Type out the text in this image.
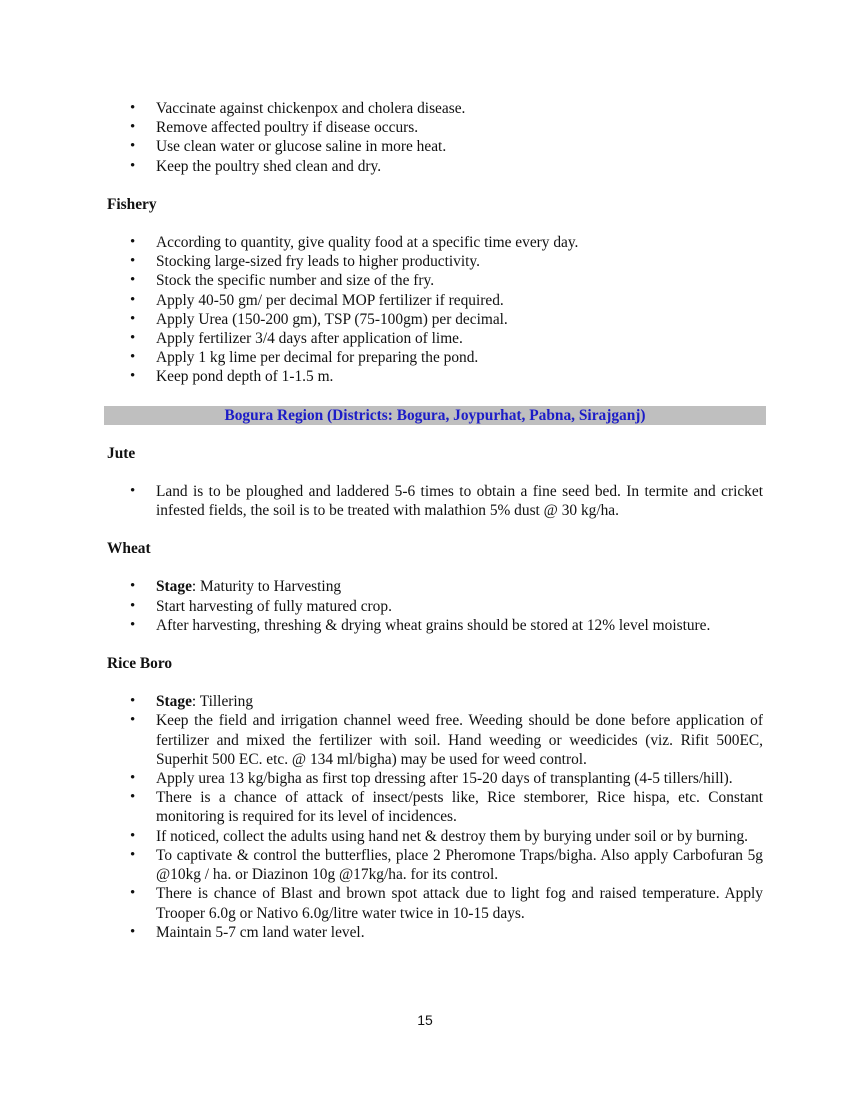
• Vaccinate against chickenpox and cholera disease.
• Remove affected poultry if disease occurs.
• Use clean water or glucose saline in more heat.
• Keep the poultry shed clean and dry.
Fishery
• According to quantity, give quality food at a specific time every day.
• Stocking large-sized fry leads to higher productivity.
• Stock the specific number and size of the fry.
• Apply 40-50 gm/ per decimal MOP fertilizer if required.
• Apply Urea (150-200 gm), TSP (75-100gm) per decimal.
• Apply fertilizer 3/4 days after application of lime.
• Apply 1 kg lime per decimal for preparing the pond.
• Keep pond depth of 1-1.5 m.
Bogura Region (Districts: Bogura, Joypurhat, Pabna, Sirajganj)
Jute
• Land is to be ploughed and laddered 5-6 times to obtain a fine seed bed. In termite and cricket infested fields, the soil is to be treated with malathion 5% dust @ 30 kg/ha.
Wheat
• Stage: Maturity to Harvesting
• Start harvesting of fully matured crop.
• After harvesting, threshing & drying wheat grains should be stored at 12% level moisture.
Rice Boro
• Stage: Tillering
• Keep the field and irrigation channel weed free. Weeding should be done before application of fertilizer and mixed the fertilizer with soil. Hand weeding or weedicides (viz. Rifit 500EC, Superhit 500 EC. etc. @ 134 ml/bigha) may be used for weed control.
• Apply urea 13 kg/bigha as first top dressing after 15-20 days of transplanting (4-5 tillers/hill).
• There is a chance of attack of insect/pests like, Rice stemborer, Rice hispa, etc. Constant monitoring is required for its level of incidences.
• If noticed, collect the adults using hand net & destroy them by burying under soil or by burning.
• To captivate & control the butterflies, place 2 Pheromone Traps/bigha. Also apply Carbofuran 5g @10kg / ha. or Diazinon 10g @17kg/ha. for its control.
• There is chance of Blast and brown spot attack due to light fog and raised temperature. Apply Trooper 6.0g or Nativo 6.0g/litre water twice in 10-15 days.
• Maintain 5-7 cm land water level.
15
